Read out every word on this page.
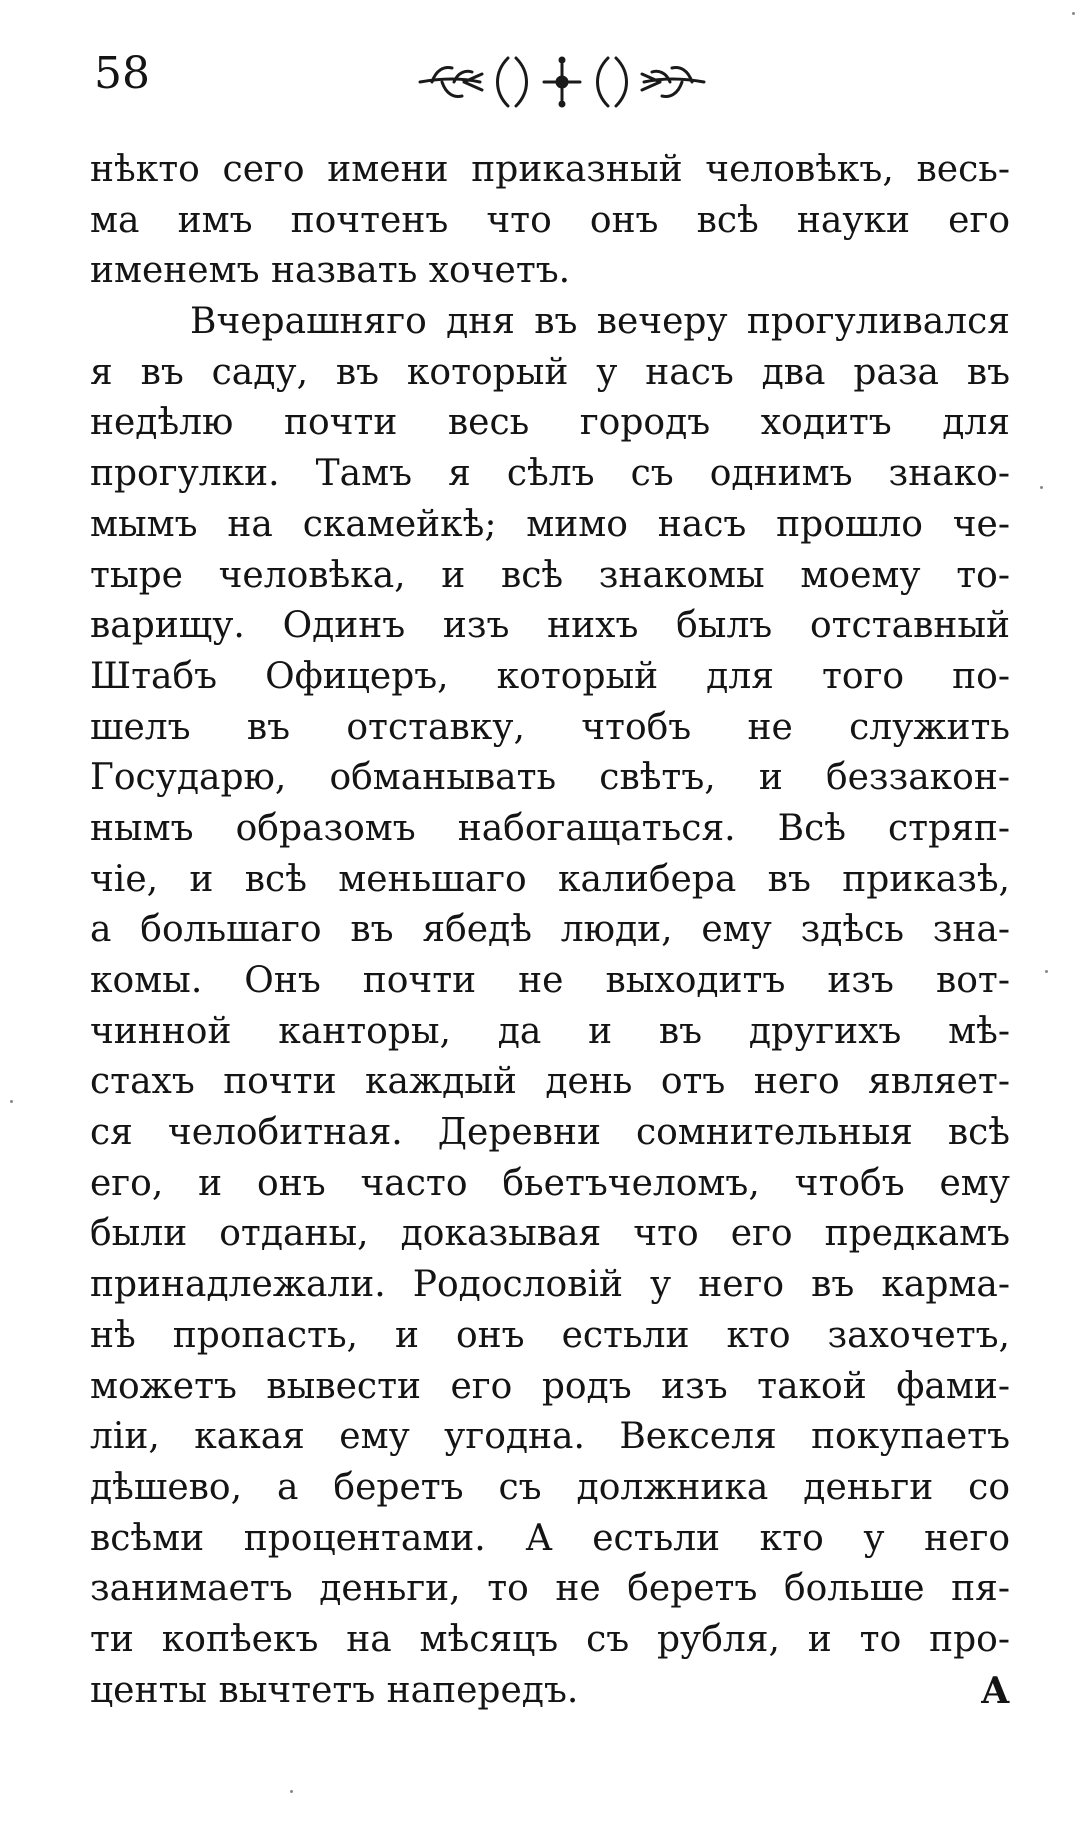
58
нѣкто сего имени приказный человѣкъ, весь-
ма имъ почтенъ что онъ всѣ науки его
именемъ назвать хочетъ.
Вчерашняго дня въ вечеру прогуливался
я въ саду, въ который у насъ два раза въ
недѣлю почти весь городъ ходитъ для
прогулки. Тамъ я сѣлъ съ однимъ знако-
мымъ на скамейкѣ; мимо насъ прошло че-
тыре человѣка, и всѣ знакомы моему то-
варищу. Одинъ изъ нихъ былъ отставный
Штабъ Офицеръ, который для того по-
шелъ въ отставку, чтобъ не служить
Государю, обманывать свѣтъ, и беззакон-
нымъ образомъ набогащаться. Всѣ стряп-
чіе, и всѣ меньшаго калибера въ приказѣ,
а большаго въ ябедѣ люди, ему здѣсь зна-
комы. Онъ почти не выходитъ изъ вот-
чинной канторы, да и въ другихъ мѣ-
стахъ почти каждый день отъ него являет-
ся челобитная. Деревни сомнительныя всѣ
его, и онъ часто бьетъчеломъ, чтобъ ему
были отданы, доказывая что его предкамъ
принадлежали. Родословій у него въ карма-
нѣ пропасть, и онъ естьли кто захочетъ,
можетъ вывести его родъ изъ такой фами-
ліи, какая ему угодна. Векселя покупаетъ
дѣшево, а беретъ съ должника деньги со
всѣми процентами. А естьли кто у него
занимаетъ деньги, то не беретъ больше пя-
ти копѣекъ на мѣсяцъ съ рубля, и то про-
центы вычтетъ напередъ.	А
